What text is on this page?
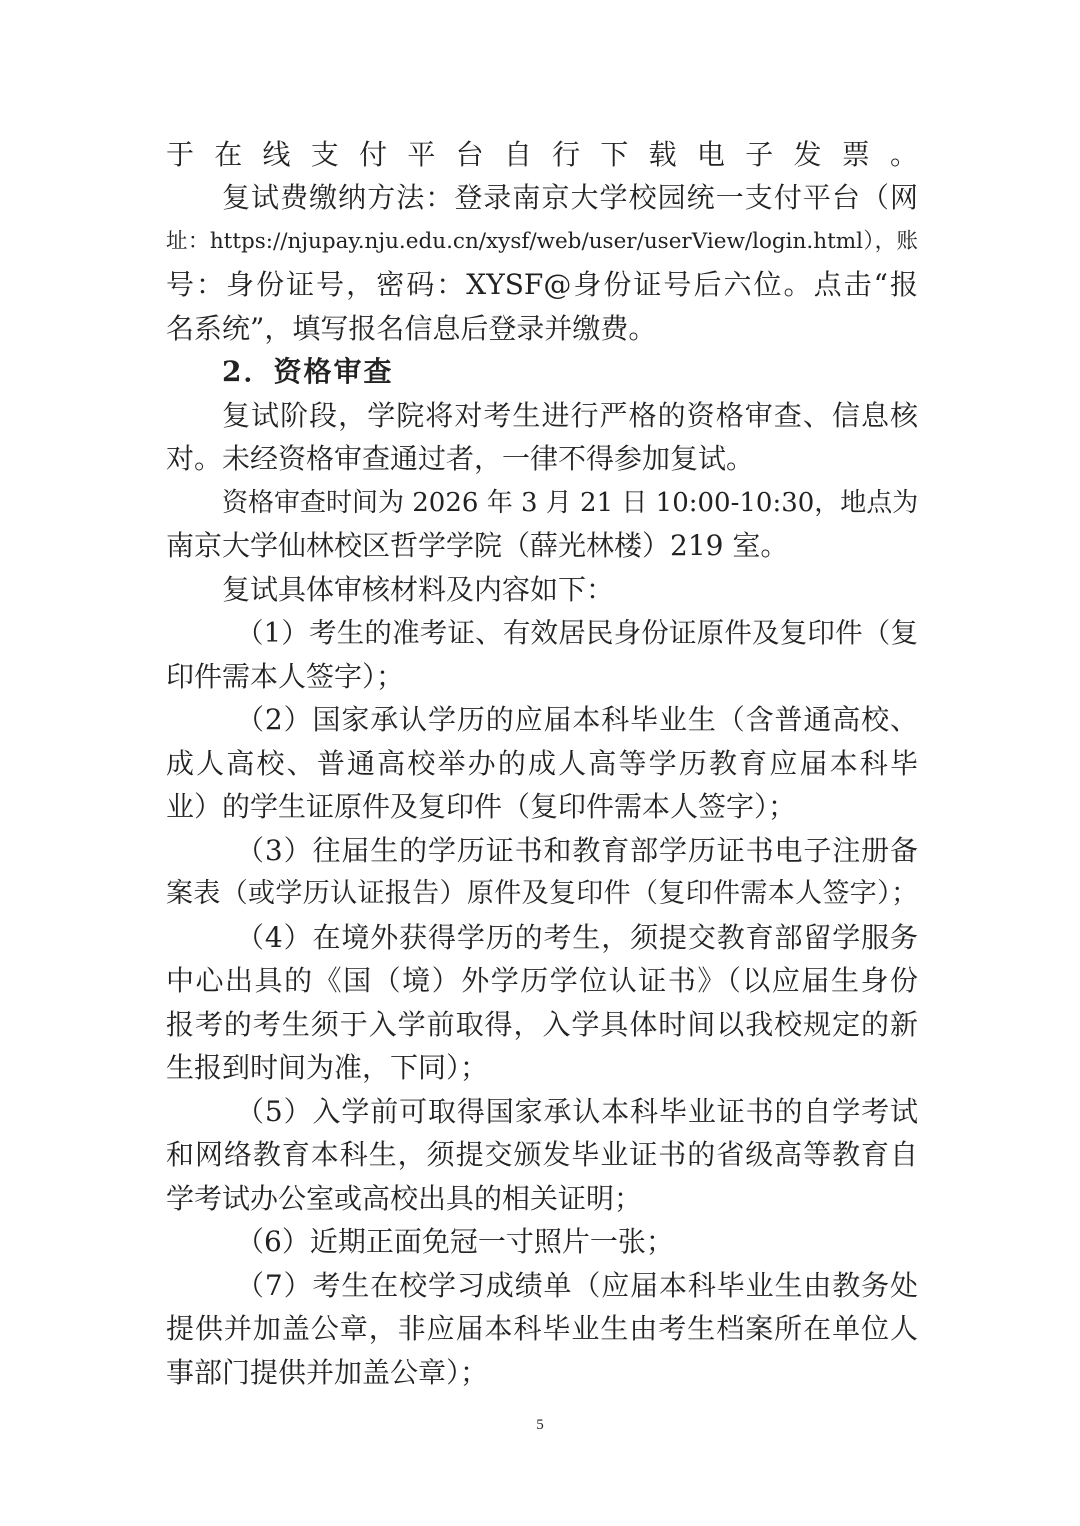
于在线支付平台自行下载电子发票。
复试费缴纳方法：登录南京大学校园统一支付平台（网
址：https://njupay.nju.edu.cn/xysf/web/user/userView/login.html），账
号：身份证号，密码：XYSF@身份证号后六位。点击“报
名系统”，填写报名信息后登录并缴费。
2．资格审查
复试阶段，学院将对考生进行严格的资格审查、信息核
对。未经资格审查通过者，一律不得参加复试。
资格审查时间为 2026 年 3 月 21 日 10:00-10:30，地点为
南京大学仙林校区哲学学院（薛光林楼）219 室。
复试具体审核材料及内容如下：
（1）考生的准考证、有效居民身份证原件及复印件（复
印件需本人签字）；
（2）国家承认学历的应届本科毕业生（含普通高校、
成人高校、普通高校举办的成人高等学历教育应届本科毕
业）的学生证原件及复印件（复印件需本人签字）；
（3）往届生的学历证书和教育部学历证书电子注册备
案表（或学历认证报告）原件及复印件（复印件需本人签字）；
（4）在境外获得学历的考生，须提交教育部留学服务
中心出具的《国（境）外学历学位认证书》（以应届生身份
报考的考生须于入学前取得，入学具体时间以我校规定的新
生报到时间为准，下同）；
（5）入学前可取得国家承认本科毕业证书的自学考试
和网络教育本科生，须提交颁发毕业证书的省级高等教育自
学考试办公室或高校出具的相关证明；
（6）近期正面免冠一寸照片一张；
（7）考生在校学习成绩单（应届本科毕业生由教务处
提供并加盖公章，非应届本科毕业生由考生档案所在单位人
事部门提供并加盖公章）；
5
